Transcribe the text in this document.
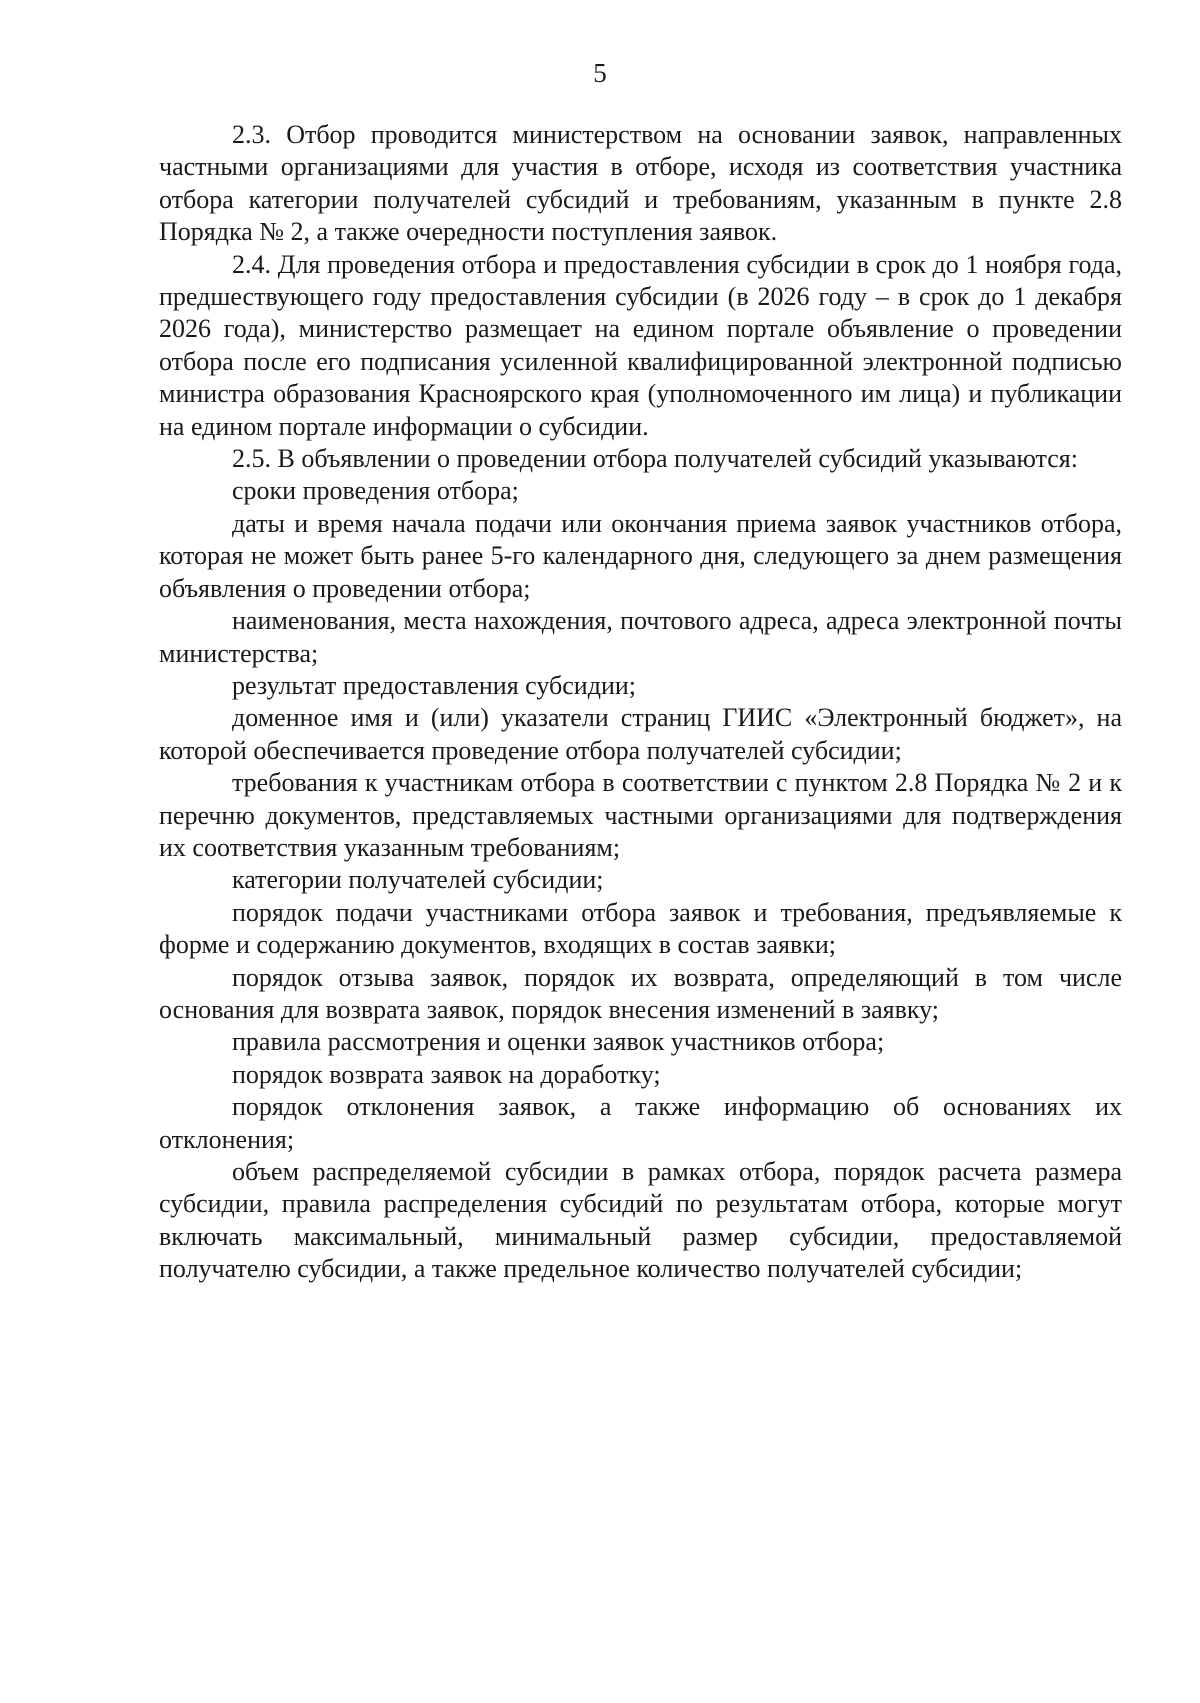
5

2.3. Отбор проводится министерством на основании заявок, направленных частными организациями для участия в отборе, исходя из соответствия участника отбора категории получателей субсидий и требованиям, указанным в пункте 2.8 Порядка № 2, а также очередности поступления заявок.

2.4. Для проведения отбора и предоставления субсидии в срок до 1 ноября года, предшествующего году предоставления субсидии (в 2026 году – в срок до 1 декабря 2026 года), министерство размещает на едином портале объявление о проведении отбора после его подписания усиленной квалифицированной электронной подписью министра образования Красноярского края (уполномоченного им лица) и публикации на едином портале информации о субсидии.

2.5. В объявлении о проведении отбора получателей субсидий указываются:

сроки проведения отбора;

даты и время начала подачи или окончания приема заявок участников отбора, которая не может быть ранее 5-го календарного дня, следующего за днем размещения объявления о проведении отбора;

наименования, места нахождения, почтового адреса, адреса электронной почты министерства;

результат предоставления субсидии;

доменное имя и (или) указатели страниц ГИИС «Электронный бюджет», на которой обеспечивается проведение отбора получателей субсидии;

требования к участникам отбора в соответствии с пунктом 2.8 Порядка № 2 и к перечню документов, представляемых частными организациями для подтверждения их соответствия указанным требованиям;

категории получателей субсидии;

порядок подачи участниками отбора заявок и требования, предъявляемые к форме и содержанию документов, входящих в состав заявки;

порядок отзыва заявок, порядок их возврата, определяющий в том числе основания для возврата заявок, порядок внесения изменений в заявку;

правила рассмотрения и оценки заявок участников отбора;

порядок возврата заявок на доработку;

порядок отклонения заявок, а также информацию об основаниях их отклонения;

объем распределяемой субсидии в рамках отбора, порядок расчета размера субсидии, правила распределения субсидий по результатам отбора, которые могут включать максимальный, минимальный размер субсидии, предоставляемой получателю субсидии, а также предельное количество получателей субсидии;
